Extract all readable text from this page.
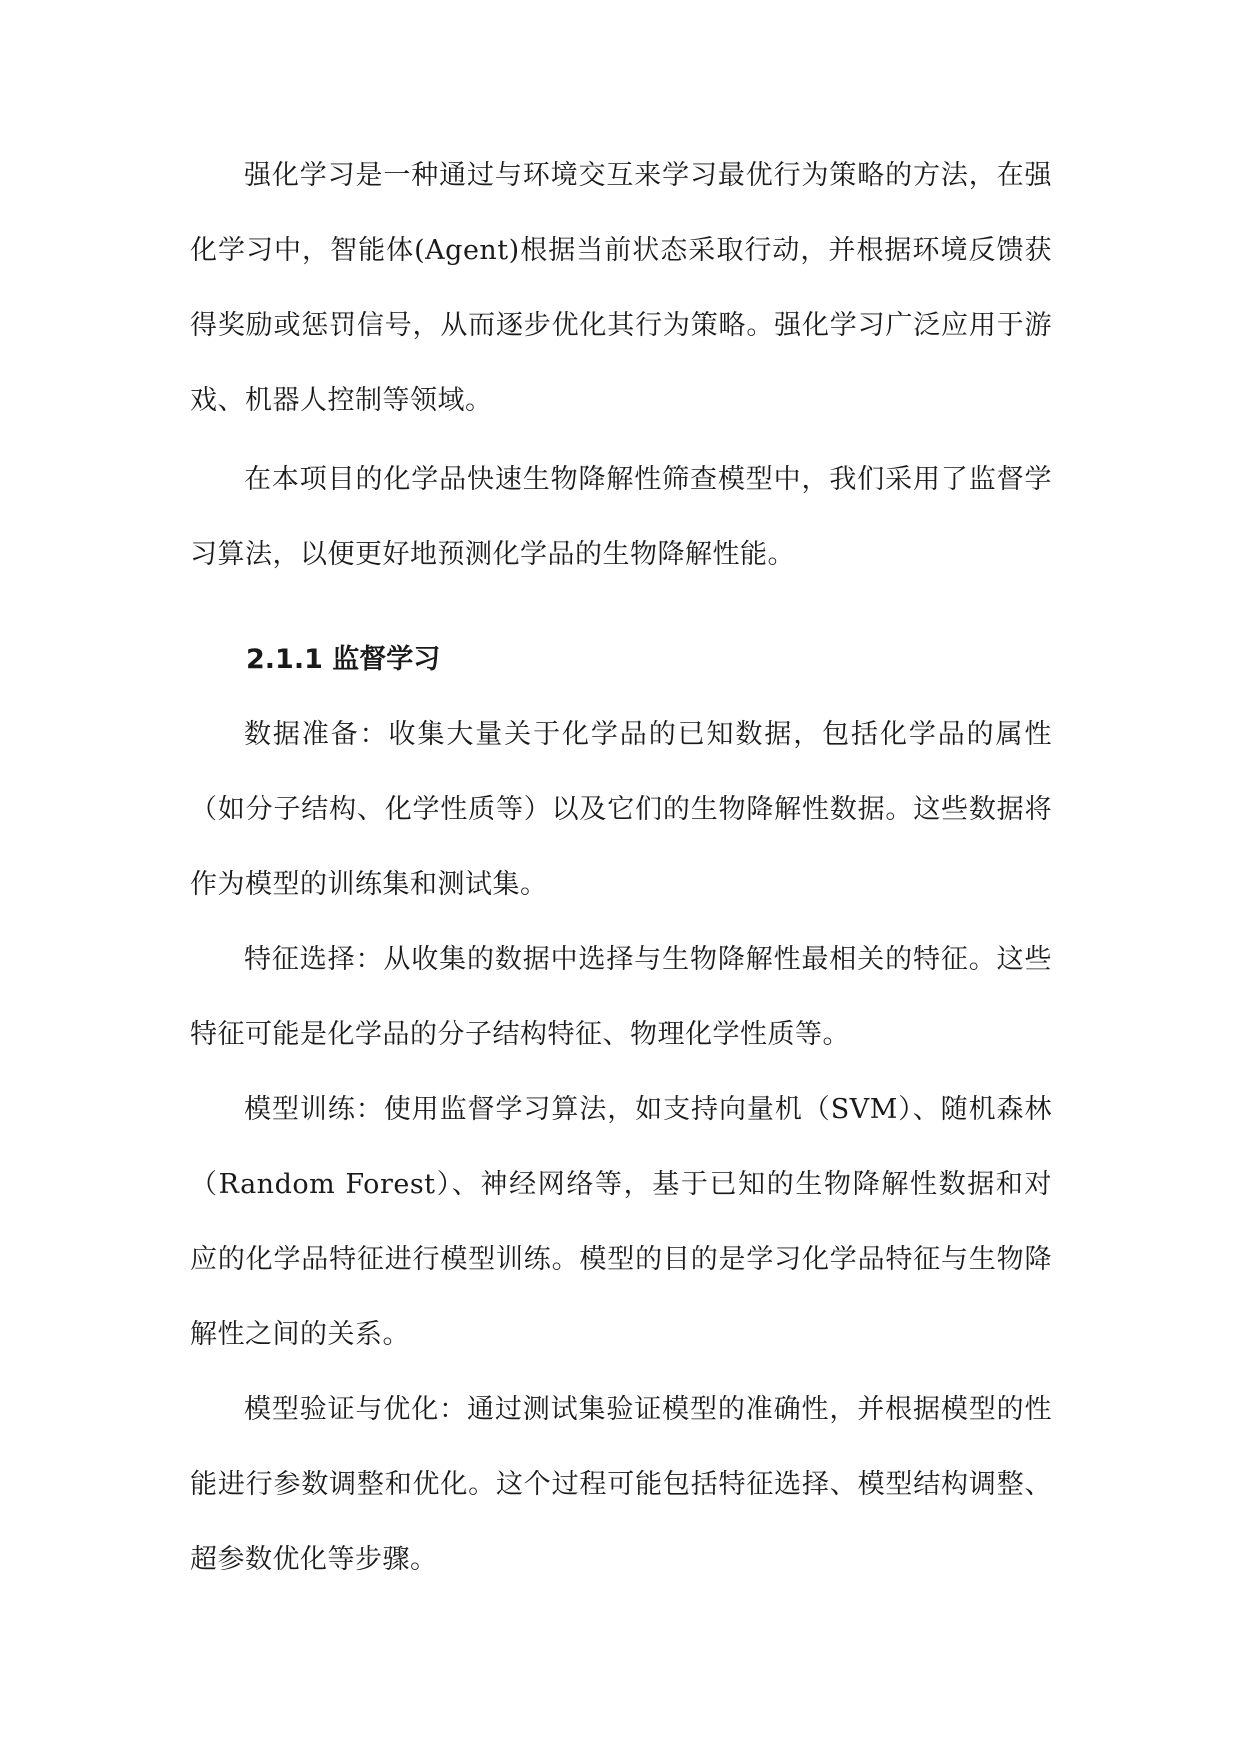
强化学习是一种通过与环境交互来学习最优行为策略的方法，在强化学习中，智能体(Agent)根据当前状态采取行动，并根据环境反馈获得奖励或惩罚信号，从而逐步优化其行为策略。强化学习广泛应用于游戏、机器人控制等领域。

在本项目的化学品快速生物降解性筛查模型中，我们采用了监督学习算法，以便更好地预测化学品的生物降解性能。

2.1.1 监督学习

数据准备：收集大量关于化学品的已知数据，包括化学品的属性（如分子结构、化学性质等）以及它们的生物降解性数据。这些数据将作为模型的训练集和测试集。

特征选择：从收集的数据中选择与生物降解性最相关的特征。这些特征可能是化学品的分子结构特征、物理化学性质等。

模型训练：使用监督学习算法，如支持向量机（SVM）、随机森林（Random Forest）、神经网络等，基于已知的生物降解性数据和对应的化学品特征进行模型训练。模型的目的是学习化学品特征与生物降解性之间的关系。

模型验证与优化：通过测试集验证模型的准确性，并根据模型的性能进行参数调整和优化。这个过程可能包括特征选择、模型结构调整、超参数优化等步骤。
